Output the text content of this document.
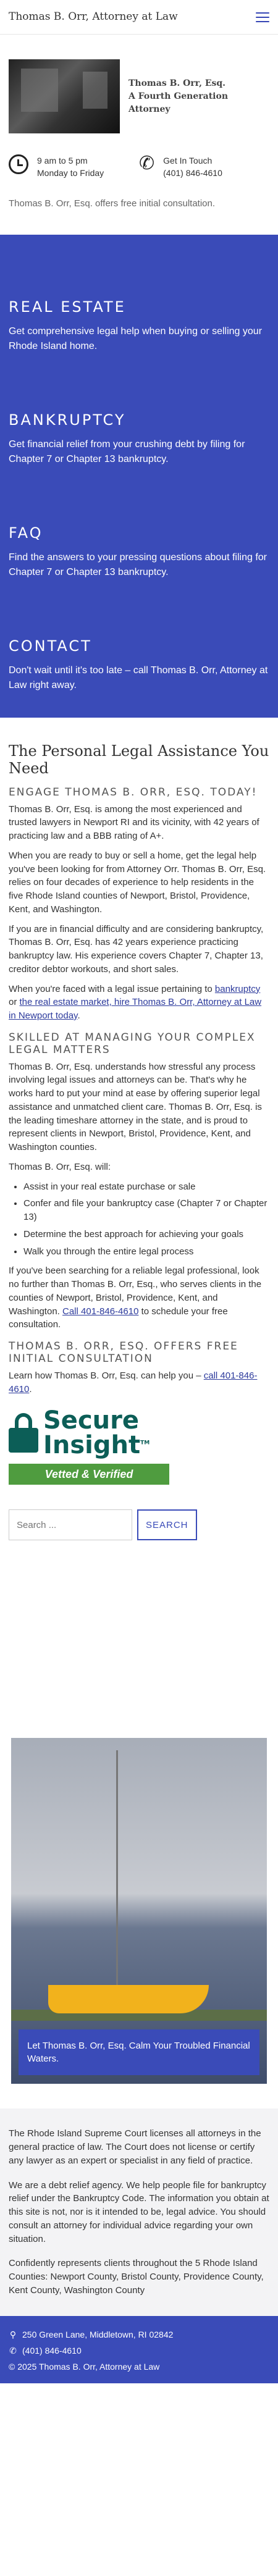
Thomas B. Orr, Attorney at Law
Thomas B. Orr, Esq.
A Fourth Generation Attorney
9 am to 5 pm
Monday to Friday ✆ Get In Touch
(401) 846-4610

Thomas B. Orr, Esq. offers free initial consultation.

REAL ESTATE

Get comprehensive legal help when buying or selling your Rhode Island home.

BANKRUPTCY

Get financial relief from your crushing debt by filing for Chapter 7 or Chapter 13 bankruptcy.

FAQ

Find the answers to your pressing questions about filing for Chapter 7 or Chapter 13 bankruptcy.

CONTACT

Don't wait until it's too late – call Thomas B. Orr, Attorney at Law right away.

The Personal Legal Assistance You Need
ENGAGE THOMAS B. ORR, ESQ. TODAY!

Thomas B. Orr, Esq. is among the most experienced and trusted lawyers in Newport RI and its vicinity, with 42 years of practicing law and a BBB rating of A+.

When you are ready to buy or sell a home, get the legal help you've been looking for from Attorney Orr. Thomas B. Orr, Esq. relies on four decades of experience to help residents in the five Rhode Island counties of Newport, Bristol, Providence, Kent, and Washington.

If you are in financial difficulty and are considering bankruptcy, Thomas B. Orr, Esq. has 42 years experience practicing bankruptcy law. His experience covers Chapter 7, Chapter 13, creditor debtor workouts, and short sales.

When you're faced with a legal issue pertaining to bankruptcy or the real estate market, hire Thomas B. Orr, Attorney at Law in Newport today.

SKILLED AT MANAGING YOUR COMPLEX LEGAL MATTERS

Thomas B. Orr, Esq. understands how stressful any process involving legal issues and attorneys can be. That's why he works hard to put your mind at ease by offering superior legal assistance and unmatched client care. Thomas B. Orr, Esq. is the leading timeshare attorney in the state, and is proud to represent clients in Newport, Bristol, Providence, Kent, and Washington counties.

Thomas B. Orr, Esq. will:

• Assist in your real estate purchase or sale
• Confer and file your bankruptcy case (Chapter 7 or Chapter 13)
• Determine the best approach for achieving your goals
• Walk you through the entire legal process

If you've been searching for a reliable legal professional, look no further than Thomas B. Orr, Esq., who serves clients in the counties of Newport, Bristol, Providence, Kent, and Washington. Call 401-846-4610 to schedule your free consultation.

THOMAS B. ORR, ESQ. OFFERS FREE INITIAL CONSULTATION

Learn how Thomas B. Orr, Esq. can help you – call 401-846-4610.

Secure
Insight™
Vetted & Verified
Search ...
SEARCH
Let Thomas B. Orr, Esq. Calm Your Troubled Financial Waters.

The Rhode Island Supreme Court licenses all attorneys in the general practice of law. The Court does not license or certify any lawyer as an expert or specialist in any field of practice.

We are a debt relief agency. We help people file for bankruptcy relief under the Bankruptcy Code. The information you obtain at this site is not, nor is it intended to be, legal advice. You should consult an attorney for individual advice regarding your own situation.

Confidently represents clients throughout the 5 Rhode Island Counties: Newport County, Bristol County, Providence County, Kent County, Washington County

⚲ 250 Green Lane, Middletown, RI 02842
✆ (401) 846-4610
© 2025 Thomas B. Orr, Attorney at Law
